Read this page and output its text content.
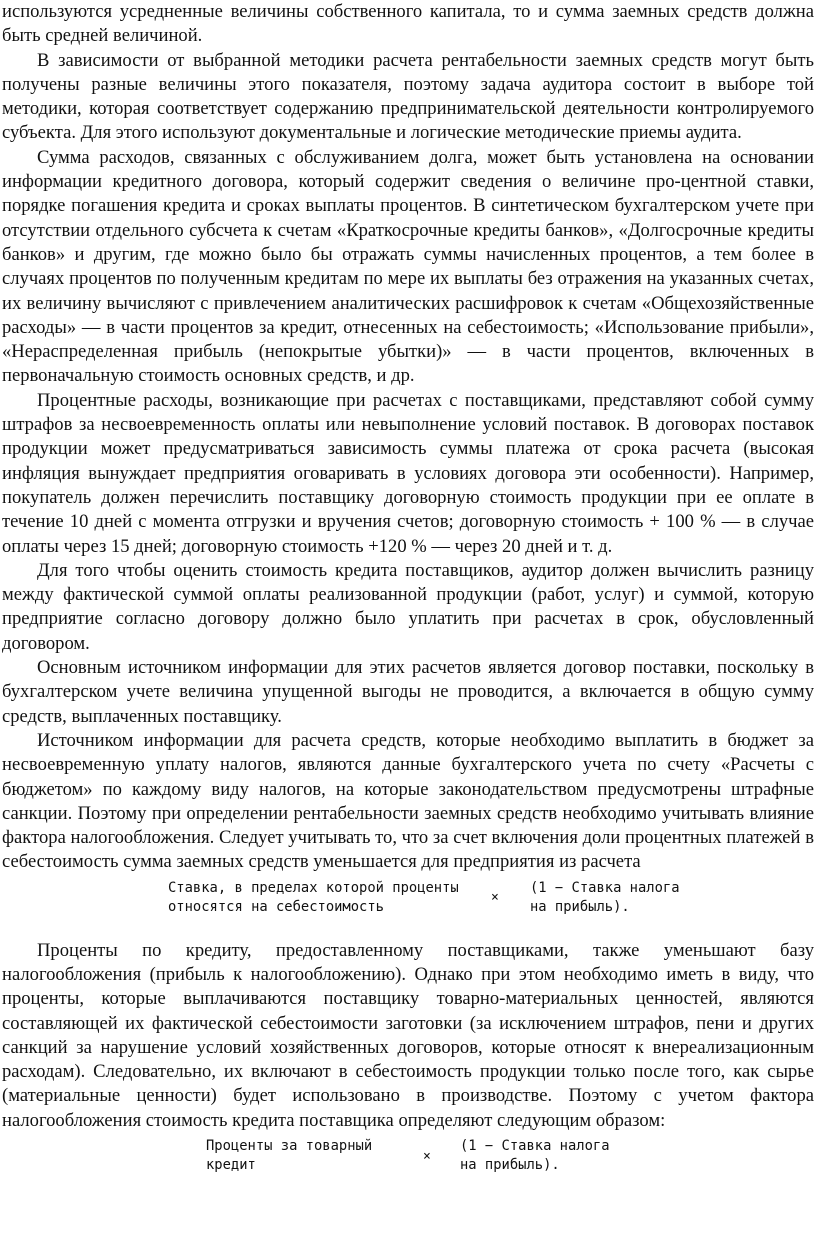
используются усредненные величины собственного капитала, то и сумма заемных средств должна быть средней величиной.

В зависимости от выбранной методики расчета рентабельности заемных средств могут быть получены разные величины этого показателя, поэтому задача аудитора состоит в выборе той методики, которая соответствует содержанию предпринимательской деятельности контролируемого субъекта. Для этого используют документальные и логические методические приемы аудита.

Сумма расходов, связанных с обслуживанием долга, может быть установлена на основании информации кредитного договора, который содержит сведения о величине про-центной ставки, порядке погашения кредита и сроках выплаты процентов. В синтетическом бухгалтерском учете при отсутствии отдельного субсчета к счетам «Краткосрочные кредиты банков», «Долгосрочные кредиты банков» и другим, где можно было бы отражать суммы начисленных процентов, а тем более в случаях процентов по полученным кредитам по мере их выплаты без отражения на указанных счетах, их величину вычисляют с привлечением аналитических расшифровок к счетам «Общехозяйственные расходы» — в части процентов за кредит, отнесенных на себестоимость; «Использование прибыли», «Нераспределенная прибыль (непокрытые убытки)» — в части процентов, включенных в первоначальную стоимость основных средств, и др.

Процентные расходы, возникающие при расчетах с поставщиками, представляют собой сумму штрафов за несвоевременность оплаты или невыполнение условий поставок. В договорах поставок продукции может предусматриваться зависимость суммы платежа от срока расчета (высокая инфляция вынуждает предприятия оговаривать в условиях договора эти особенности). Например, покупатель должен перечислить поставщику договорную стоимость продукции при ее оплате в течение 10 дней с момента отгрузки и вручения счетов; договорную стоимость + 100 % — в случае оплаты через 15 дней; договорную стоимость +120 % — через 20 дней и т. д.

Для того чтобы оценить стоимость кредита поставщиков, аудитор должен вычислить разницу между фактической суммой оплаты реализованной продукции (работ, услуг) и суммой, которую предприятие согласно договору должно было уплатить при расчетах в срок, обусловленный договором.

Основным источником информации для этих расчетов является договор поставки, поскольку в бухгалтерском учете величина упущенной выгоды не проводится, а включается в общую сумму средств, выплаченных поставщику.

Источником информации для расчета средств, которые необходимо выплатить в бюджет за несвоевременную уплату налогов, являются данные бухгалтерского учета по счету «Расчеты с бюджетом» по каждому виду налогов, на которые законодательством предусмотрены штрафные санкции. Поэтому при определении рентабельности заемных средств необходимо учитывать влияние фактора налогообложения. Следует учитывать то, что за счет включения доли процентных платежей в себестоимость сумма заемных средств уменьшается для предприятия из расчета

Ставка, в пределах которой проценты
относятся на себестоимость
×
(1 − Ставка налога
на прибыль).

Проценты по кредиту, предоставленному поставщиками, также уменьшают базу налогообложения (прибыль к налогообложению). Однако при этом необходимо иметь в виду, что проценты, которые выплачиваются поставщику товарно-материальных ценностей, являются составляющей их фактической себестоимости заготовки (за исключением штрафов, пени и других санкций за нарушение условий хозяйственных договоров, которые относят к внереализационным расходам). Следовательно, их включают в себестоимость продукции только после того, как сырье (материальные ценности) будет использовано в производстве. Поэтому с учетом фактора налогообложения стоимость кредита поставщика определяют следующим образом:

Проценты за товарный
кредит
×
(1 − Ставка налога
на прибыль).
